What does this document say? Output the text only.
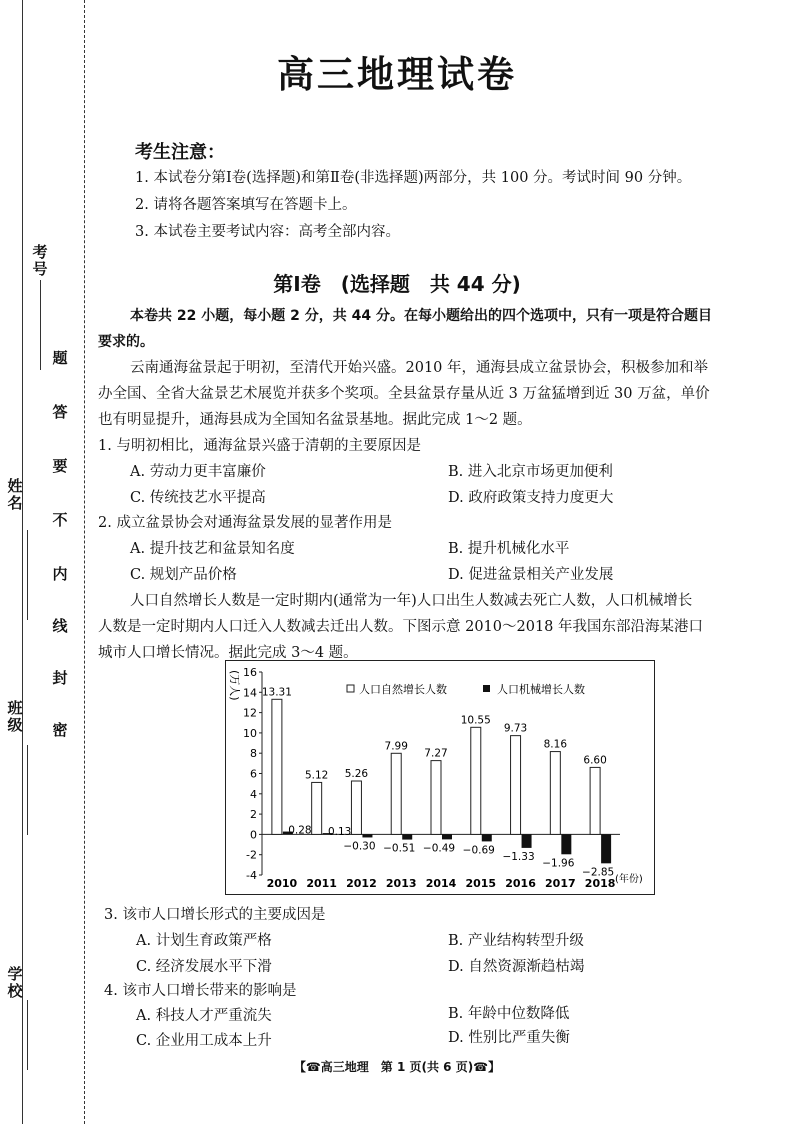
考号
姓名
班级
学校
密
封
线
内
不
要
答
题
高三地理试卷
考生注意：
1. 本试卷分第Ⅰ卷(选择题)和第Ⅱ卷(非选择题)两部分，共 100 分。考试时间 90 分钟。
2. 请将各题答案填写在答题卡上。
3. 本试卷主要考试内容：高考全部内容。
第Ⅰ卷　(选择题　共 44 分)
本卷共 22 小题，每小题 2 分，共 44 分。在每小题给出的四个选项中，只有一项是符合题目
要求的。
云南通海盆景起于明初，至清代开始兴盛。2010 年，通海县成立盆景协会，积极参加和举
办全国、全省大盆景艺术展览并获多个奖项。全县盆景存量从近 3 万盆猛增到近 30 万盆，单价
也有明显提升，通海县成为全国知名盆景基地。据此完成 1～2 题。
1. 与明初相比，通海盆景兴盛于清朝的主要原因是
A. 劳动力更丰富廉价	B. 进入北京市场更加便利
C. 传统技艺水平提高	D. 政府政策支持力度更大
2. 成立盆景协会对通海盆景发展的显著作用是
A. 提升技艺和盆景知名度	B. 提升机械化水平
C. 规划产品价格	D. 促进盆景相关产业发展
人口自然增长人数是一定时期内(通常为一年)人口出生人数减去死亡人数，人口机械增长
人数是一定时期内人口迁入人数减去迁出人数。下图示意 2010～2018 年我国东部沿海某港口
城市人口增长情况。据此完成 3～4 题。
(万人)
(年份)
人口自然增长人数	人口机械增长人数
-4
-2
0
2
4
6
8
10
12
14
16
13.31
0.28
2010
5.12
0.13
2011
5.26
−0.30
2012
7.99
−0.51
2013
7.27
−0.49
2014
10.55
−0.69
2015
9.73
−1.33
2016
8.16
−1.96
2017
6.60
−2.85
2018
3. 该市人口增长形式的主要成因是
A. 计划生育政策严格	B. 产业结构转型升级
C. 经济发展水平下滑	D. 自然资源渐趋枯竭
4. 该市人口增长带来的影响是
A. 科技人才严重流失	B. 年龄中位数降低
C. 企业用工成本上升	D. 性别比严重失衡
【☎高三地理　第 1 页(共 6 页)☎】
